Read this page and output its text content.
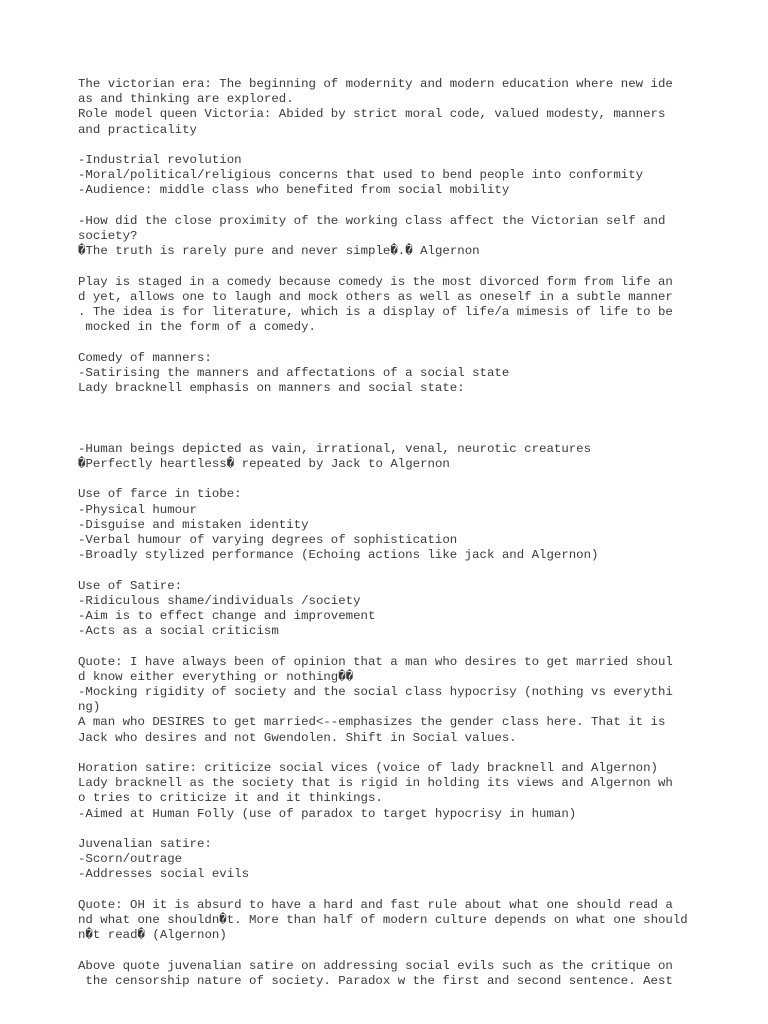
The victorian era: The beginning of modernity and modern education where new ide

as and thinking are explored.

Role model queen Victoria: Abided by strict moral code, valued modesty, manners

and practicality

-Industrial revolution

-Moral/political/religious concerns that used to bend people into conformity

-Audience: middle class who benefited from social mobility

-How did the close proximity of the working class affect the Victorian self and

society?

�The truth is rarely pure and never simple�.� Algernon

Play is staged in a comedy because comedy is the most divorced form from life an

d yet, allows one to laugh and mock others as well as oneself in a subtle manner

. The idea is for literature, which is a display of life/a mimesis of life to be

mocked in the form of a comedy.

Comedy of manners:

-Satirising the manners and affectations of a social state

Lady bracknell emphasis on manners and social state:

-Human beings depicted as vain, irrational, venal, neurotic creatures

�Perfectly heartless� repeated by Jack to Algernon

Use of farce in tiobe:

-Physical humour

-Disguise and mistaken identity

-Verbal humour of varying degrees of sophistication

-Broadly stylized performance (Echoing actions like jack and Algernon)

Use of Satire:

-Ridiculous shame/individuals /society

-Aim is to effect change and improvement

-Acts as a social criticism

Quote: I have always been of opinion that a man who desires to get married shoul

d know either everything or nothing��

-Mocking rigidity of society and the social class hypocrisy (nothing vs everythi

ng)

A man who DESIRES to get married<--emphasizes the gender class here. That it is

Jack who desires and not Gwendolen. Shift in Social values.

Horation satire: criticize social vices (voice of lady bracknell and Algernon)

Lady bracknell as the society that is rigid in holding its views and Algernon wh

o tries to criticize it and it thinkings.

-Aimed at Human Folly (use of paradox to target hypocrisy in human)

Juvenalian satire:

-Scorn/outrage

-Addresses social evils

Quote: OH it is absurd to have a hard and fast rule about what one should read a

nd what one shouldn�t. More than half of modern culture depends on what one should

n�t read� (Algernon)

Above quote juvenalian satire on addressing social evils such as the critique on

the censorship nature of society. Paradox w the first and second sentence. Aest
